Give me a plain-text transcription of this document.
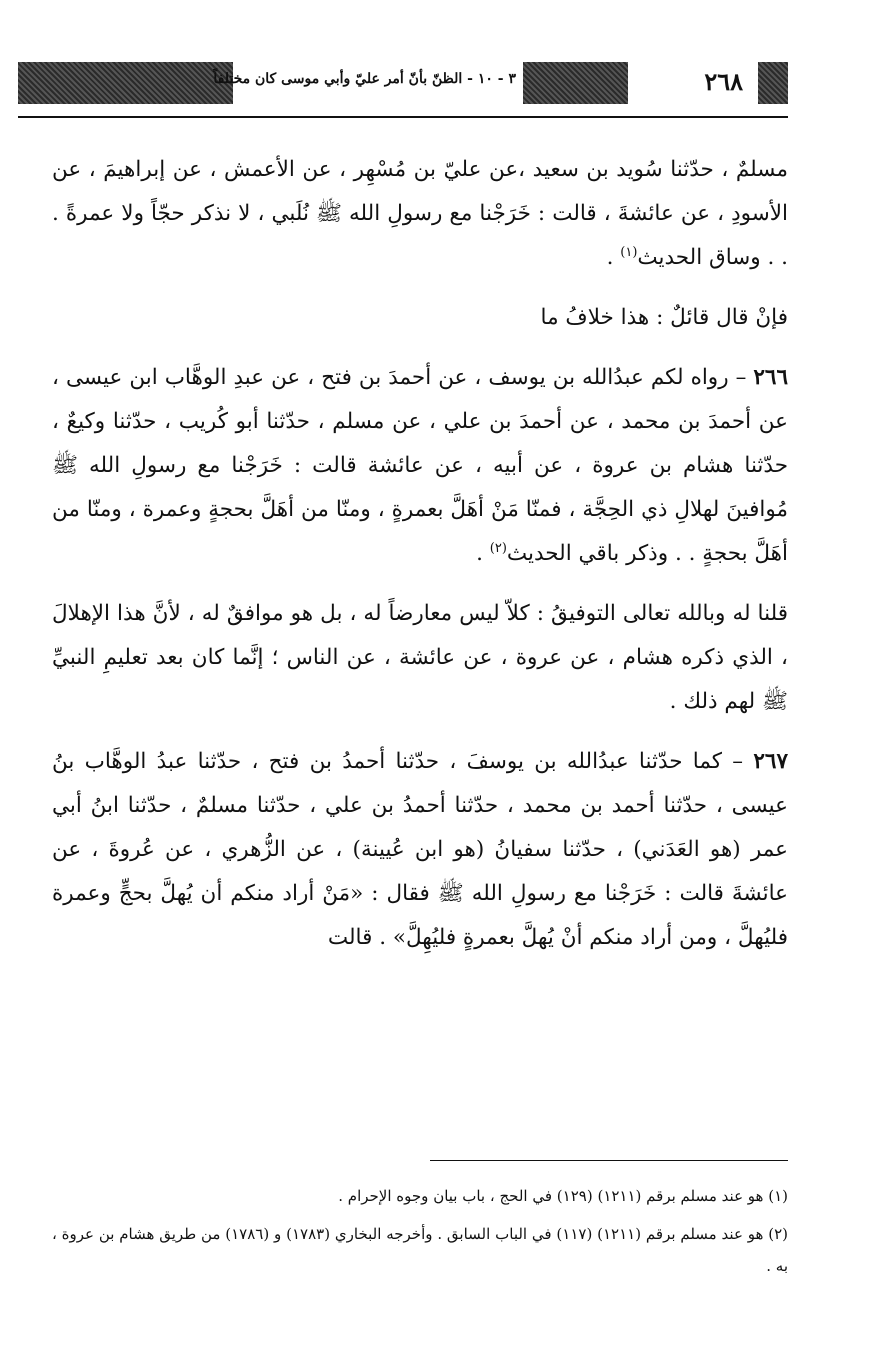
٢٦٨
٣ - ١٠ - الظنّ بأنّ أمر عليّ وأبي موسى كان مختلفاً

مسلمٌ ، حدّثنا سُويد بن سعيد ،عن عليّ بن مُسْهِر ، عن الأعمش ، عن إبراهيمَ ، عن الأسودِ ، عن عائشةَ ، قالت : خَرَجْنا مع رسولِ الله ﷺ نُلَبي ، لا نذكر حجّاً ولا عمرةً . . . وساق الحديث$^{(١)}$ .

فإنْ قال قائلٌ : هذا خلافُ ما

٢٦٦ – رواه لكم عبدُالله بن يوسف ، عن أحمدَ بن فتح ، عن عبدِ الوهَّاب ابن عيسى ، عن أحمدَ بن محمد ، عن أحمدَ بن علي ، عن مسلم ، حدّثنا أبو كُريب ، حدّثنا وكيعٌ ، حدّثنا هشام بن عروة ، عن أبيه ، عن عائشة قالت : خَرَجْنا مع رسولِ الله ﷺ مُوافينَ لهلالِ ذي الحِجَّة ، فمنّا مَنْ أهَلَّ بعمرةٍ ، ومنّا من أهَلَّ بحجةٍ وعمرة ، ومنّا من أهَلَّ بحجةٍ . . وذكر باقي الحديث$^{(٢)}$ .

قلنا له وبالله تعالى التوفيقُ : كلاّ ليس معارضاً له ، بل هو موافقٌ له ، لأنَّ هذا الإهلالَ ، الذي ذكره هشام ، عن عروة ، عن عائشة ، عن الناس ؛ إنَّما كان بعد تعليمِ النبيِّ ﷺ لهم ذلك .

٢٦٧ – كما حدّثنا عبدُالله بن يوسفَ ، حدّثنا أحمدُ بن فتح ، حدّثنا عبدُ الوهَّاب بنُ عيسى ، حدّثنا أحمد بن محمد ، حدّثنا أحمدُ بن علي ، حدّثنا مسلمٌ ، حدّثنا ابنُ أبي عمر (هو العَدَني) ، حدّثنا سفيانُ (هو ابن عُيينة) ، عن الزُّهري ، عن عُروةَ ، عن عائشةَ قالت : خَرَجْنا مع رسولِ الله ﷺ فقال : «مَنْ أراد منكم أن يُهلَّ بحجٍّ وعمرة فليُهلَّ ، ومن أراد منكم أنْ يُهلَّ بعمرةٍ فليُهِلَّ» . قالت

(١) هو عند مسلم برقم (١٢١١) (١٢٩) في الحج ، باب بيان وجوه الإحرام .

(٢) هو عند مسلم برقم (١٢١١) (١١٧) في الباب السابق . وأخرجه البخاري (١٧٨٣) و (١٧٨٦) من طريق هشام بن عروة ، به .
